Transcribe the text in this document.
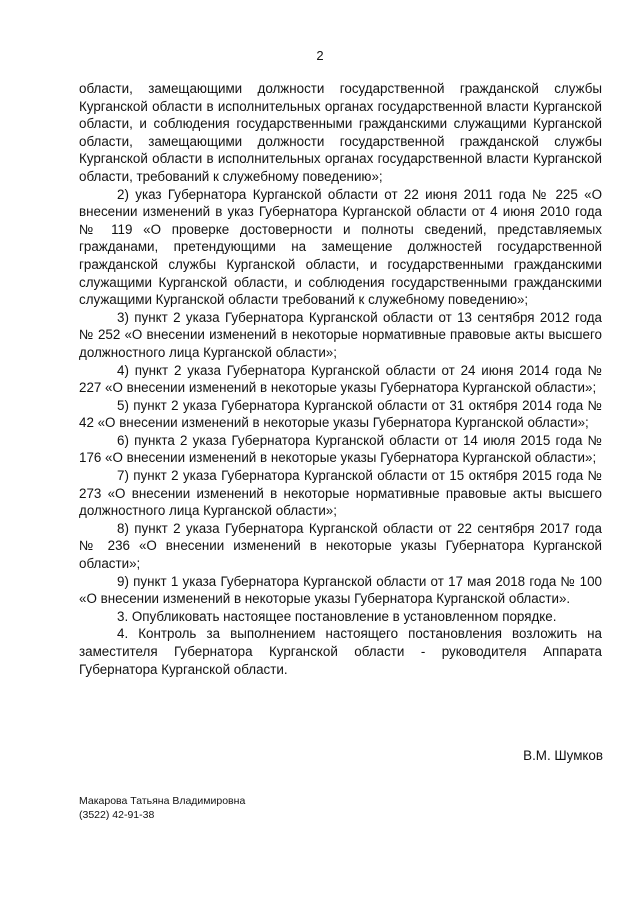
2

области, замещающими должности государственной гражданской службы Курганской области в исполнительных органах государственной власти Курганской области, и соблюдения государственными гражданскими служащими Курганской области, замещающими должности государственной гражданской службы Курганской области в исполнительных органах государственной власти Курганской области, требований к служебному поведению»;

2) указ Губернатора Курганской области от 22 июня 2011 года № 225 «О внесении изменений в указ Губернатора Курганской области от 4 июня 2010 года № 119 «О проверке достоверности и полноты сведений, представляемых гражданами, претендующими на замещение должностей государственной гражданской службы Курганской области, и государственными гражданскими служащими Курганской области, и соблюдения государственными гражданскими служащими Курганской области требований к служебному поведению»;

3) пункт 2 указа Губернатора Курганской области от 13 сентября 2012 года № 252 «О внесении изменений в некоторые нормативные правовые акты высшего должностного лица Курганской области»;

4) пункт 2 указа Губернатора Курганской области от 24 июня 2014 года № 227 «О внесении изменений в некоторые указы Губернатора Курганской области»;

5) пункт 2 указа Губернатора Курганской области от 31 октября 2014 года № 42 «О внесении изменений в некоторые указы Губернатора Курганской области»;

6) пункта 2 указа Губернатора Курганской области от 14 июля 2015 года № 176 «О внесении изменений в некоторые указы Губернатора Курганской области»;

7) пункт 2 указа Губернатора Курганской области от 15 октября 2015 года № 273 «О внесении изменений в некоторые нормативные правовые акты высшего должностного лица Курганской области»;

8) пункт 2 указа Губернатора Курганской области от 22 сентября 2017 года № 236 «О внесении изменений в некоторые указы Губернатора Курганской области»;

9) пункт 1 указа Губернатора Курганской области от 17 мая 2018 года № 100 «О внесении изменений в некоторые указы Губернатора Курганской области».

3. Опубликовать настоящее постановление в установленном порядке.

4. Контроль за выполнением настоящего постановления возложить на заместителя Губернатора Курганской области - руководителя Аппарата Губернатора Курганской области.

В.М. Шумков
Макарова Татьяна Владимировна
(3522) 42-91-38
